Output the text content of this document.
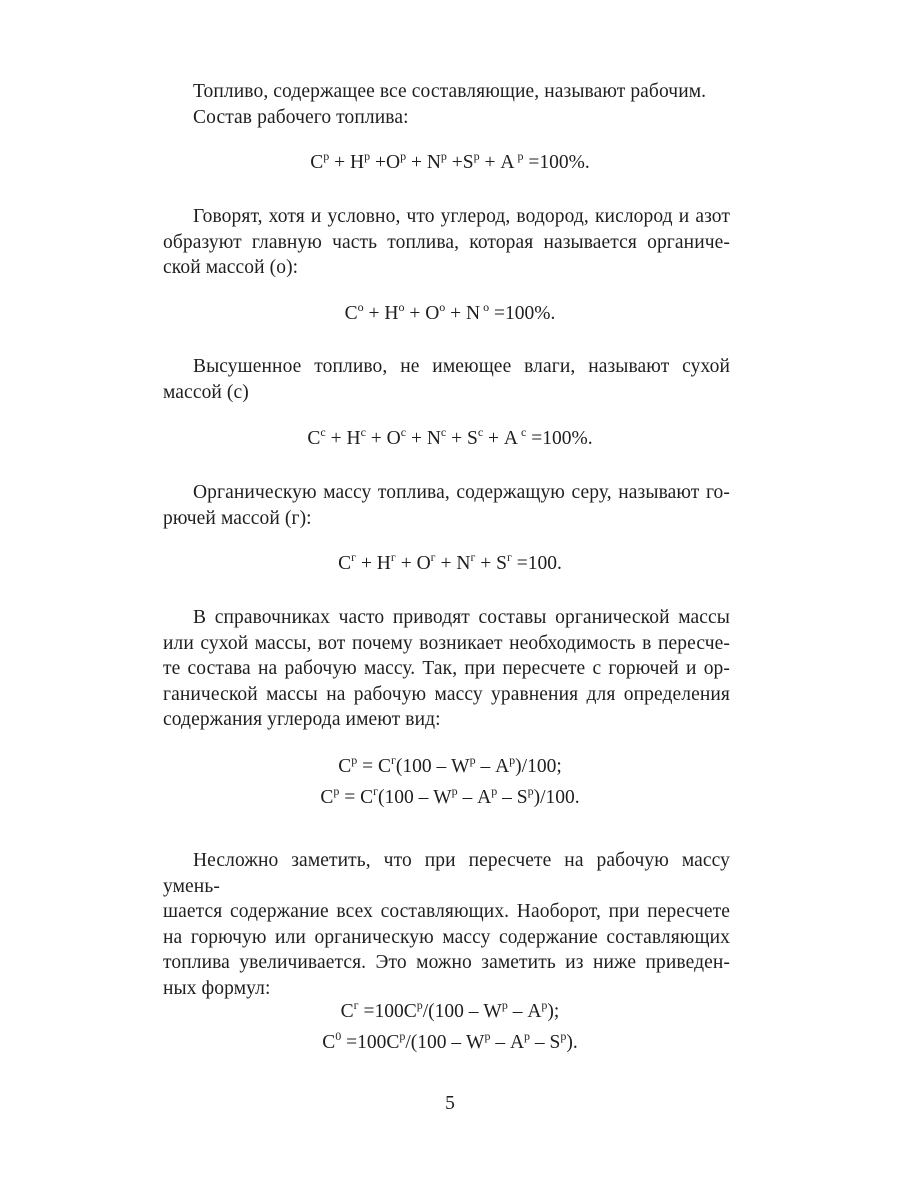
Топливо, содержащее все составляющие, называют рабочим.
Состав рабочего топлива:
$C^р + H^р +O^р + N^р +S^р + A$ $^р$ =100%.
Говорят, хотя и условно, что углерод, водород, кислород и азот
образуют главную часть топлива, которая называется органиче-
ской массой (о):
$C^о + H^о + O^о + N$ $^о$ =100%.
Высушенное топливо, не имеющее влаги, называют сухой
массой (с)
$C^с + H^с + O^с + N^с + S^с + A$ $^с$ =100%.
Органическую массу топлива, содержащую серу, называют го-
рючей массой (г):
$C^г + H^г + O^г + N^г + S^г =100$.
В справочниках часто приводят составы органической массы
или сухой массы, вот почему возникает необходимость в пересче-
те состава на рабочую массу. Так, при пересчете с горючей и ор-
ганической массы на рабочую массу уравнения для определения
содержания углерода имеют вид:
$C^р = C^г(100 - W^р - A^р)/100$;
$C^р = C^г(100 - W^р - A^р - S^р)/100$.
Несложно заметить, что при пересчете на рабочую массу умень-
шается содержание всех составляющих. Наоборот, при пересчете
на горючую или органическую массу содержание составляющих
топлива увеличивается. Это можно заметить из ниже приведен-
ных формул:
$C^г =100C^р/(100 - W^р - A^р)$;
$C^0 =100C^р/(100 - W^р - A^р - S^р)$.
5
